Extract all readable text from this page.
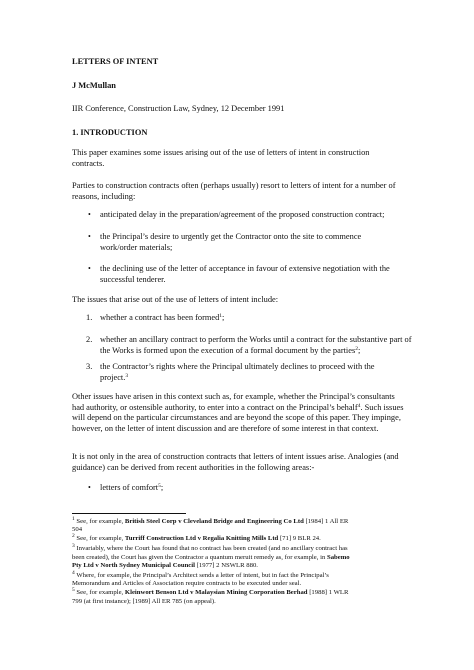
LETTERS OF INTENT
J McMullan
IIR Conference, Construction Law, Sydney, 12 December 1991
1. INTRODUCTION
This paper examines some issues arising out of the use of letters of intent in construction contracts.
Parties to construction contracts often (perhaps usually) resort to letters of intent for a number of reasons, including:
• anticipated delay in the preparation/agreement of the proposed construction contract;
• the Principal’s desire to urgently get the Contractor onto the site to commence work/order materials;
• the declining use of the letter of acceptance in favour of extensive negotiation with the successful tenderer.
The issues that arise out of the use of letters of intent include:
1. whether a contract has been formed$^1$;
2. whether an ancillary contract to perform the Works until a contract for the substantive part of the Works is formed upon the execution of a formal document by the parties$^2$;
3. the Contractor’s rights where the Principal ultimately declines to proceed with the project.$^3$
Other issues have arisen in this context such as, for example, whether the Principal’s consultants had authority, or ostensible authority, to enter into a contract on the Principal’s behalf$^4$. Such issues will depend on the particular circumstances and are beyond the scope of this paper. They impinge, however, on the letter of intent discussion and are therefore of some interest in that context.
It is not only in the area of construction contracts that letters of intent issues arise. Analogies (and guidance) can be derived from recent authorities in the following areas:-
• letters of comfort$^5$;
$^1$ See, for example, British Steel Corp v Cleveland Bridge and Engineering Co Ltd [1984] 1 All ER
504
$^2$ See, for example, Turriff Construction Ltd v Regalia Knitting Mills Ltd [71] 9 BLR 24.
$^3$ Invariably, where the Court has found that no contract has been created (and no ancillary contract has
been created), the Court has given the Contractor a quantum meruit remedy as, for example, in Sabemo
Pty Ltd v North Sydney Municipal Council [1977] 2 NSWLR 880.
$^4$ Where, for example, the Principal’s Architect sends a letter of intent, but in fact the Principal’s
Memorandum and Articles of Association require contracts to be executed under seal.
$^5$ See, for example, Kleinwort Benson Ltd v Malaysian Mining Corporation Berhad [1988] 1 WLR
799 (at first instance); [1989] All ER 785 (on appeal).
